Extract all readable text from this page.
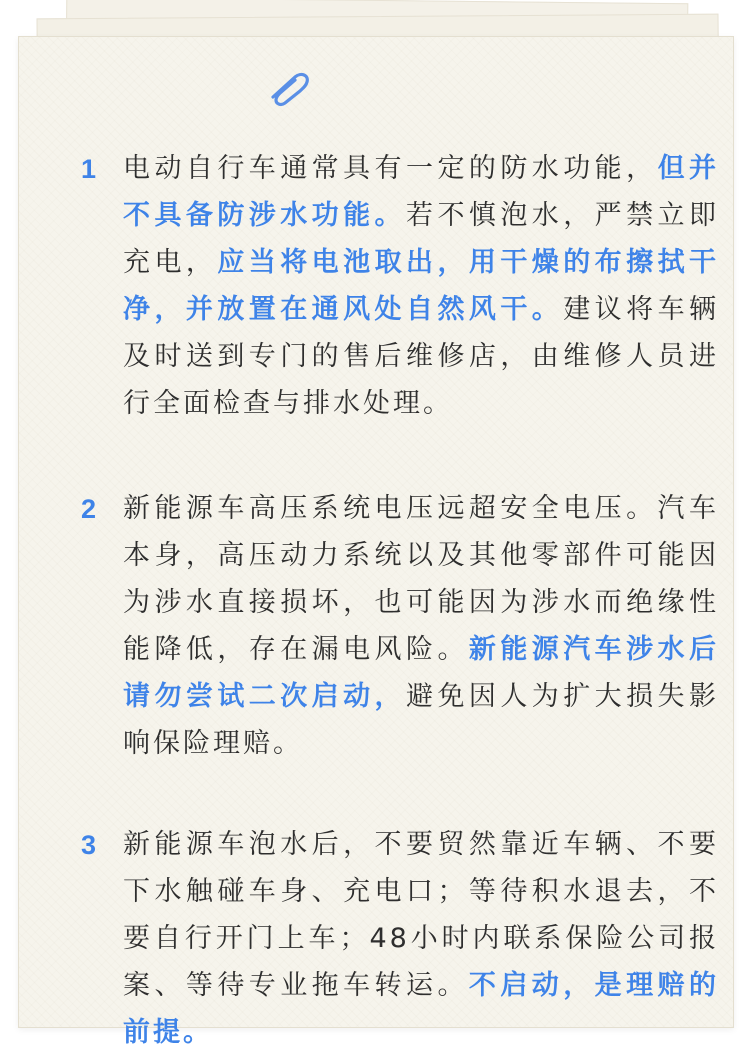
1 电动自行车通常具有一定的防水功能，但并不具备防涉水功能。若不慎泡水，严禁立即充电，应当将电池取出，用干燥的布擦拭干净，并放置在通风处自然风干。建议将车辆及时送到专门的售后维修店，由维修人员进行全面检查与排水处理。
2 新能源车高压系统电压远超安全电压。汽车本身，高压动力系统以及其他零部件可能因为涉水直接损坏，也可能因为涉水而绝缘性能降低，存在漏电风险。新能源汽车涉水后请勿尝试二次启动，避免因人为扩大损失影响保险理赔。
3 新能源车泡水后，不要贸然靠近车辆、不要下水触碰车身、充电口；等待积水退去，不要自行开门上车；48小时内联系保险公司报案、等待专业拖车转运。不启动，是理赔的前提。
